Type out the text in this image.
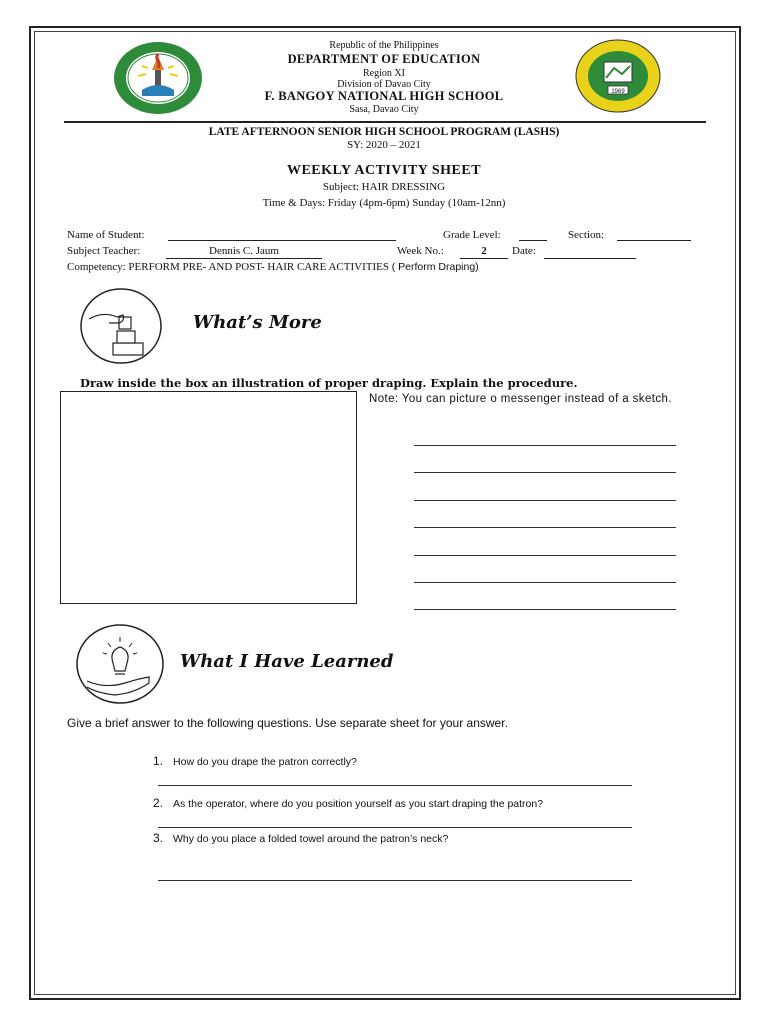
1969
Republic of the Philippines
DEPARTMENT OF EDUCATION
Region XI
Division of Davao City
F. BANGOY NATIONAL HIGH SCHOOL
Sasa, Davao City
LATE AFTERNOON SENIOR HIGH SCHOOL PROGRAM (LASHS)
SY: 2020 – 2021
WEEKLY ACTIVITY SHEET
Subject: HAIR DRESSING
Time & Days: Friday (4pm-6pm) Sunday (10am-12nn)
Name of Student:	Grade Level:	Section:
Subject Teacher:	Dennis C. Jaum	Week No.:	2	Date:
Competency: PERFORM PRE- AND POST- HAIR CARE ACTIVITIES ( Perform Draping)
What’s More
Draw inside the box an illustration of proper draping. Explain the procedure.
Note: You can picture o messenger instead of a sketch.
What I Have Learned
Give a brief answer to the following questions. Use separate sheet for your answer.
1. How do you drape the patron correctly?
2. As the operator, where do you position yourself as you start draping the patron?
3. Why do you place a folded towel around the patron’s neck?
